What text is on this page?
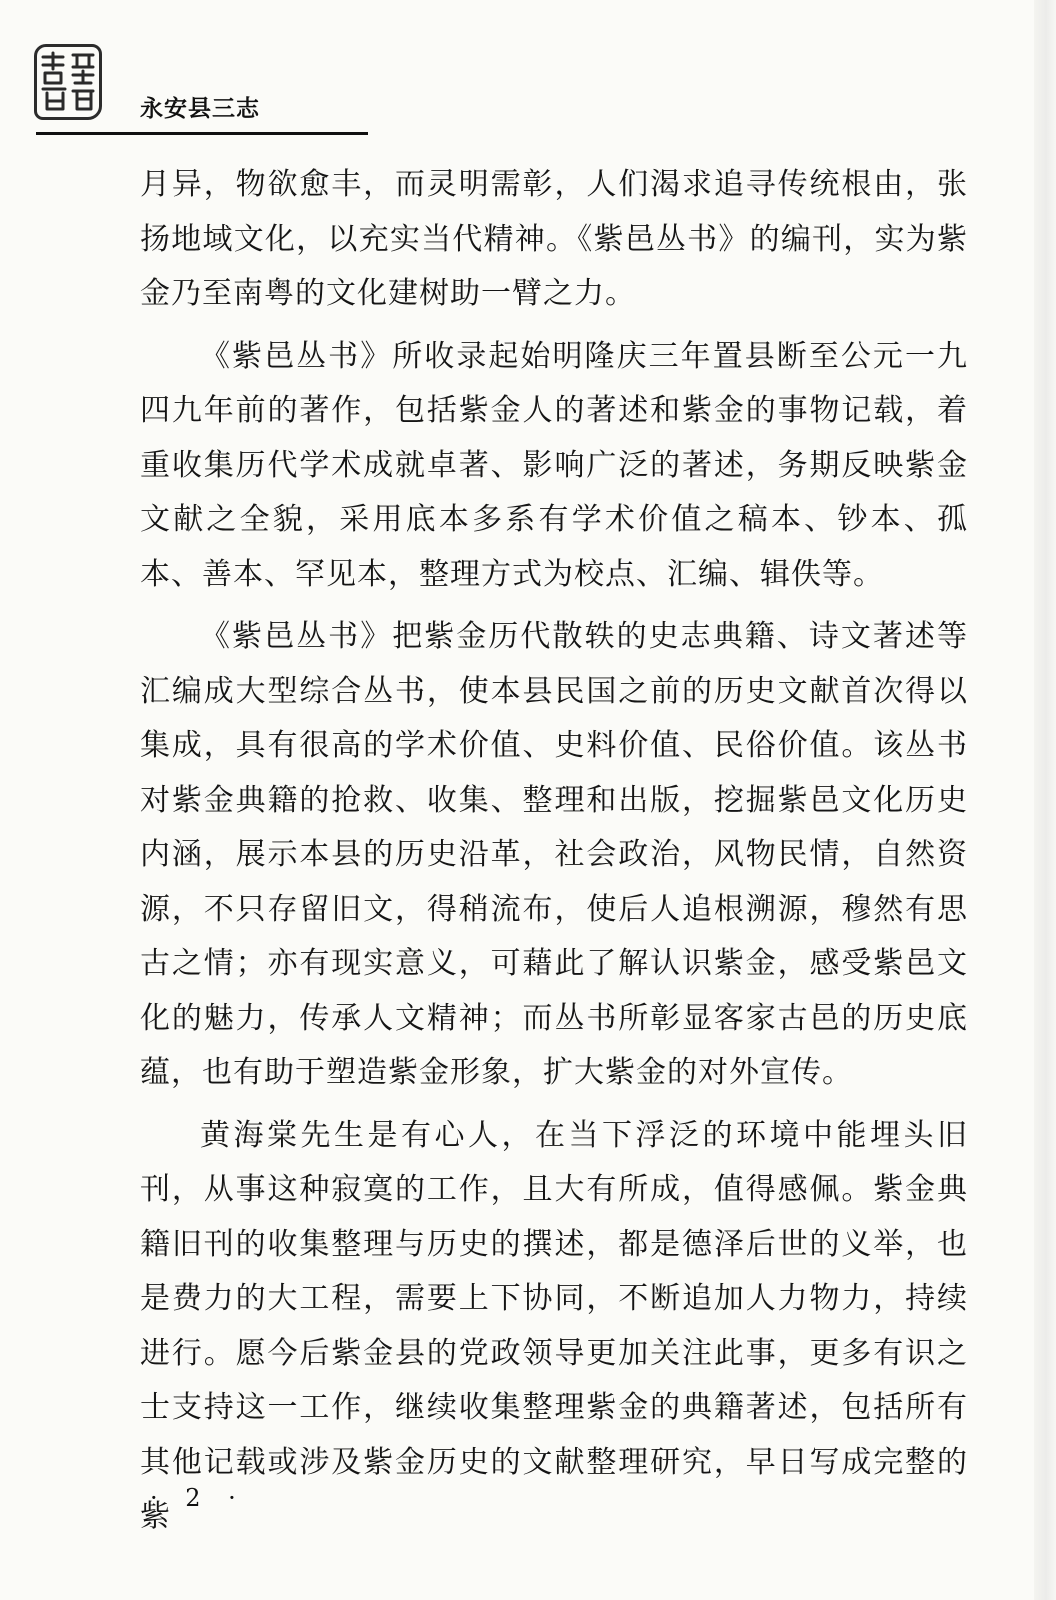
永安县三志

月异，物欲愈丰，而灵明需彰，人们渴求追寻传统根由，张扬地域文化，以充实当代精神。《紫邑丛书》的编刊，实为紫金乃至南粤的文化建树助一臂之力。

《紫邑丛书》所收录起始明隆庆三年置县断至公元一九四九年前的著作，包括紫金人的著述和紫金的事物记载，着重收集历代学术成就卓著、影响广泛的著述，务期反映紫金文献之全貌，采用底本多系有学术价值之稿本、钞本、孤本、善本、罕见本，整理方式为校点、汇编、辑佚等。

《紫邑丛书》把紫金历代散轶的史志典籍、诗文著述等汇编成大型综合丛书，使本县民国之前的历史文献首次得以集成，具有很高的学术价值、史料价值、民俗价值。该丛书对紫金典籍的抢救、收集、整理和出版，挖掘紫邑文化历史内涵，展示本县的历史沿革，社会政治，风物民情，自然资源，不只存留旧文，得稍流布，使后人追根溯源，穆然有思古之情；亦有现实意义，可藉此了解认识紫金，感受紫邑文化的魅力，传承人文精神；而丛书所彰显客家古邑的历史底蕴，也有助于塑造紫金形象，扩大紫金的对外宣传。

黄海棠先生是有心人，在当下浮泛的环境中能埋头旧刊，从事这种寂寞的工作，且大有所成，值得感佩。紫金典籍旧刊的收集整理与历史的撰述，都是德泽后世的义举，也是费力的大工程，需要上下协同，不断追加人力物力，持续进行。愿今后紫金县的党政领导更加关注此事，更多有识之士支持这一工作，继续收集整理紫金的典籍著述，包括所有其他记载或涉及紫金历史的文献整理研究，早日写成完整的紫

· 2 ·
